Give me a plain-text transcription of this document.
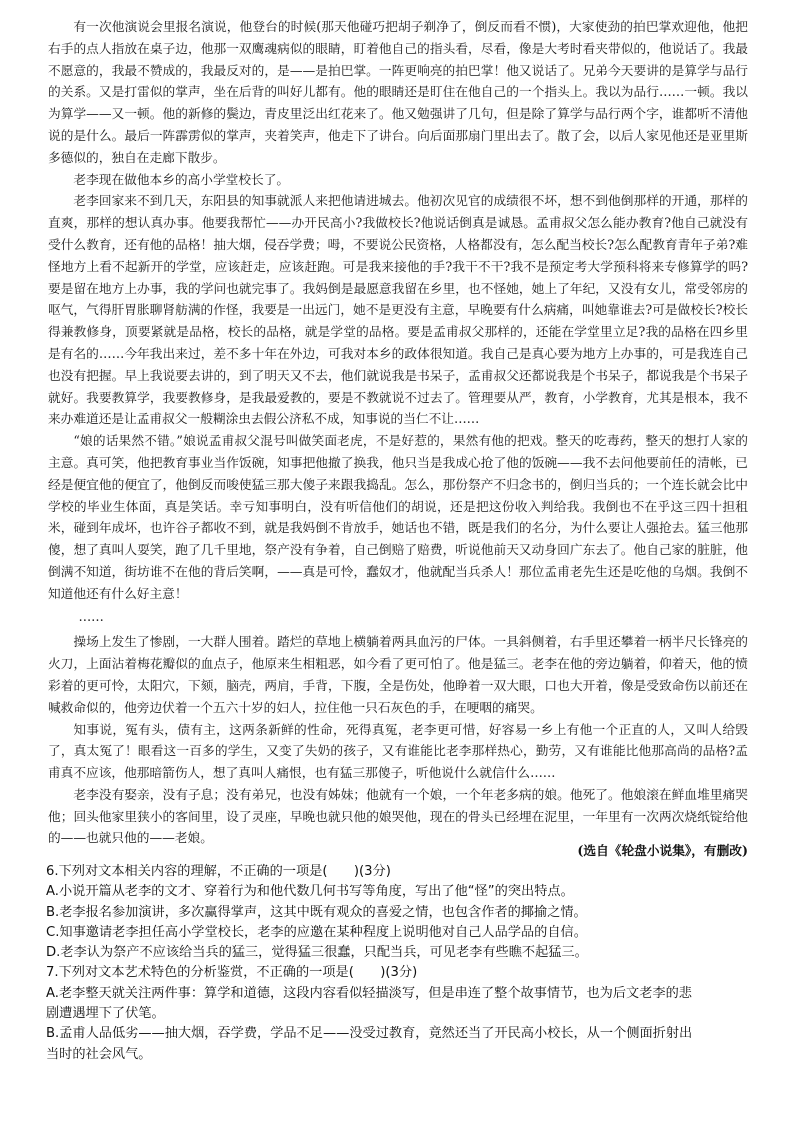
有一次他演说会里报名演说，他登台的时候(那天他碰巧把胡子剃净了，倒反而看不惯)，大家使劲的拍巴掌欢迎他，他把右手的点人指放在桌子边，他那一双鹰魂病似的眼睛，盯着他自己的指头看，尽看，像是大考时看夹带似的，他说话了。我最不愿意的，我最不赞成的，我最反对的，是——是拍巴掌。一阵更响亮的拍巴掌！他又说话了。兄弟今天要讲的是算学与品行的关系。又是打雷似的掌声，坐在后背的叫好儿都有。他的眼睛还是盯住在他自己的一个指头上。我以为品行……一顿。我以为算学——又一顿。他的新修的鬓边，青皮里泛出红花来了。他又勉强讲了几句，但是除了算学与品行两个字，谁都听不清他说的是什么。最后一阵霹雳似的掌声，夹着笑声，他走下了讲台。向后面那扇门里出去了。散了会，以后人家见他还是亚里斯多德似的，独自在走廊下散步。

老李现在做他本乡的高小学堂校长了。

老李回家来不到几天，东阳县的知事就派人来把他请进城去。他初次见官的成绩很不坏，想不到他倒那样的开通，那样的直爽，那样的想认真办事。他要我帮忙——办开民高小?我做校长?他说话倒真是诚恳。孟甫叔父怎么能办教育?他自己就没有受什么教育，还有他的品格！抽大烟，侵吞学费；呣，不要说公民资格，人格都没有，怎么配当校长?怎么配教育青年子弟?难怪地方上看不起新开的学堂，应该赶走，应该赶跑。可是我来接他的手?我干不干?我不是预定考大学预科将来专修算学的吗?要是留在地方上办事，我的学问也就完事了。我妈倒是最愿意我留在乡里，也不怪她，她上了年纪，又没有女儿，常受邻房的呕气，气得肝胃胀聊肾舫满的作怪，我要是一出远门，她不是更没有主意，早晚要有什么病痛，叫她靠谁去?可是做校长?校长得兼教修身，顶要紧就是品格，校长的品格，就是学堂的品格。要是孟甫叔父那样的，还能在学堂里立足?我的品格在四乡里是有名的……今年我出来过，差不多十年在外边，可我对本乡的政体很知道。我自己是真心要为地方上办事的，可是我连自己也没有把握。早上我说要去讲的，到了明天又不去，他们就说我是书呆子，孟甫叔父还都说我是个书呆子，都说我是个书呆子就好。我要教算学，我要教修身，是我最爱教的，要是不教就说不过去了。管理要从严，教育，小学教育，尤其是根本，我不来办难道还是让孟甫叔父一般糊涂虫去假公济私不成，知事说的当仁不让……

“娘的话果然不错。”娘说孟甫叔父混号叫做笑面老虎，不是好惹的，果然有他的把戏。整天的吃毒药，整天的想打人家的主意。真可笑，他把教育事业当作饭碗，知事把他撤了换我，他只当是我成心抢了他的饭碗——我不去问他要前任的清帐，已经是便宜他的便宜了，他倒反而唆使猛三那大傻子来跟我捣乱。怎么，那份祭产不归念书的，倒归当兵的；一个连长就会比中学校的毕业生体面，真是笑话。幸亏知事明白，没有听信他们的胡说，还是把这份收入判给我。我倒也不在乎这三四十担租米，碰到年成坏，也许谷子都收不到，就是我妈倒不肯放手，她话也不错，既是我们的名分，为什么要让人强抢去。猛三他那傻，想了真叫人耍笑，跑了几千里地，祭产没有争着，自己倒赔了赔费，听说他前天又动身回广东去了。他自己家的脏脏，他倒满不知道，街坊谁不在他的背后笑啊，——真是可怜，蠢奴才，他就配当兵杀人！那位孟甫老先生还是吃他的乌烟。我倒不知道他还有什么好主意！

……

操场上发生了惨剧，一大群人围着。踏烂的草地上横躺着两具血污的尸体。一具斜侧着，右手里还攀着一柄半尺长锋亮的火刀，上面沾着梅花瓣似的血点子，他原来生相粗恶，如今看了更可怕了。他是猛三。老李在他的旁边躺着，仰着天，他的愤彩着的更可怜，太阳穴，下颏，脑壳，两肩，手背，下腹，全是伤处，他睁着一双大眼，口也大开着，像是受致命伤以前还在喊救命似的，他旁边伏着一个五六十岁的妇人，拉住他一只石灰色的手，在哽咽的痛哭。

知事说，冤有头，债有主，这两条新鲜的性命，死得真冤，老李更可惜，好容易一乡上有他一个正直的人，又叫人给毁了，真太冤了！眼看这一百多的学生，又变了失奶的孩子，又有谁能比老李那样热心，勤劳，又有谁能比他那高尚的品格?孟甫真不应该，他那暗箭伤人，想了真叫人痛恨，也有猛三那傻子，听他说什么就信什么……

老李没有娶亲，没有子息；没有弟兄，也没有姊妹；他就有一个娘，一个年老多病的娘。他死了。他娘滚在鲜血堆里痛哭他；回头他家里狭小的客间里，设了灵座，早晚也就只他的娘哭他，现在的骨头已经埋在泥里，一年里有一次两次烧纸锭给他的——也就只他的——老娘。

(选自《轮盘小说集》，有删改)
6.下列对文本相关内容的理解，不正确的一项是(　　)(3分)
A.小说开篇从老李的文才、穿着行为和他代数几何书写等角度，写出了他“怪”的突出特点。
B.老李报名参加演讲，多次赢得掌声，这其中既有观众的喜爱之情，也包含作者的揶揄之情。
C.知事邀请老李担任高小学堂校长，老李的应邀在某种程度上说明他对自己人品学品的自信。
D.老李认为祭产不应该给当兵的猛三，觉得猛三很蠢，只配当兵，可见老李有些瞧不起猛三。
7.下列对文本艺术特色的分析鉴赏，不正确的一项是(　　)(3分)
A.老李整天就关注两件事：算学和道德，这段内容看似轻描淡写，但是串连了整个故事情节，也为后文老李的悲
剧遭遇埋下了伏笔。
B.孟甫人品低劣——抽大烟，吞学费，学品不足——没受过教育，竟然还当了开民高小校长，从一个侧面折射出
当时的社会风气。
